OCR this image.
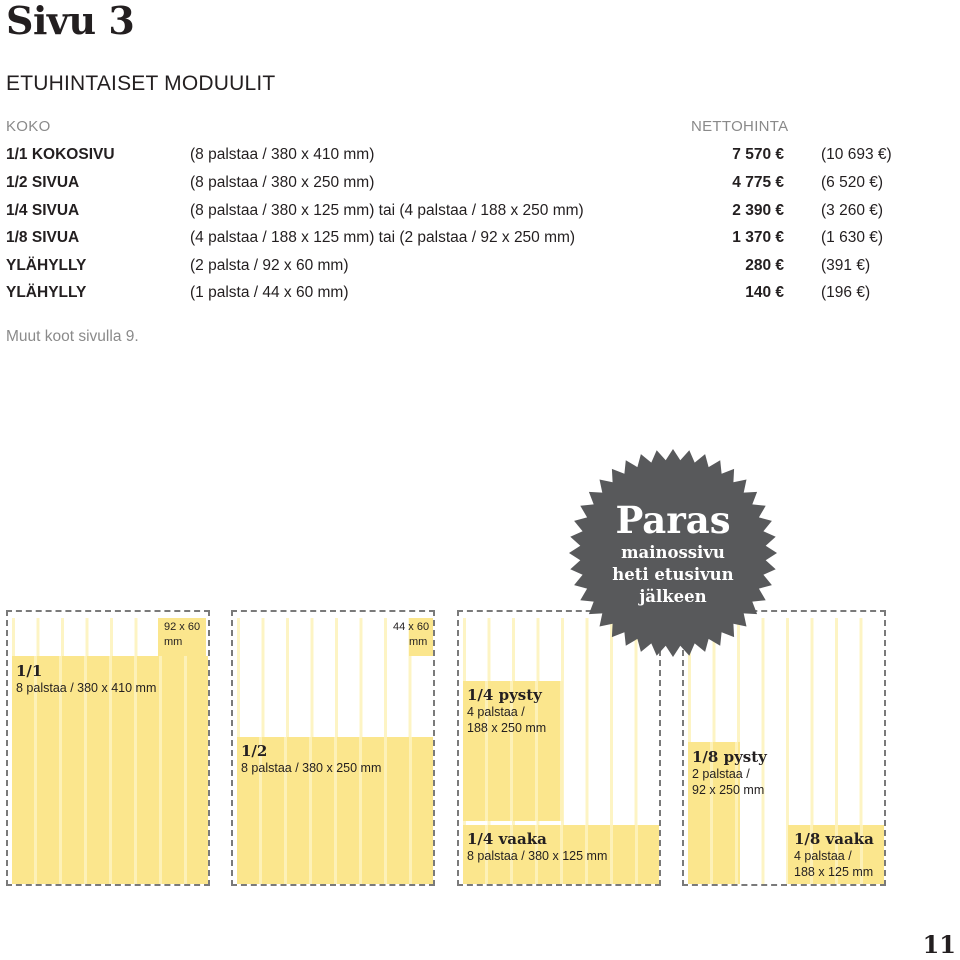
Sivu 3
ETUHINTAISET MODUULIT
KOKO	NETTOHINTA
1/1 KOKOSIVU	(8 palstaa / 380 x 410 mm)	7 570 € (10 693 €)
1/2 SIVUA	(8 palstaa / 380 x 250 mm)	4 775 € (6 520 €)
1/4 SIVUA	(8 palstaa / 380 x 125 mm) tai (4 palstaa / 188 x 250 mm)	2 390 € (3 260 €)
1/8 SIVUA	(4 palstaa / 188 x 125 mm) tai (2 palstaa / 92 x 250 mm)	1 370 € (1 630 €)
YLÄHYLLY	(2 palsta / 92 x 60 mm)	280 € (391 €)
YLÄHYLLY	(1 palsta / 44 x 60 mm)	140 € (196 €)
Muut koot sivulla 9.
92 x 60
mm
1/1
8 palstaa / 380 x 410 mm
44 x 60
mm
1/2
8 palstaa / 380 x 250 mm
1/4 pysty
4 palstaa /
188 x 250 mm
1/4 vaaka
8 palstaa / 380 x 125 mm
1/8 pysty
2 palstaa /
92 x 250 mm
1/8 vaaka
4 palstaa /
188 x 125 mm
Paras
mainossivu
heti etusivun
jälkeen
11
